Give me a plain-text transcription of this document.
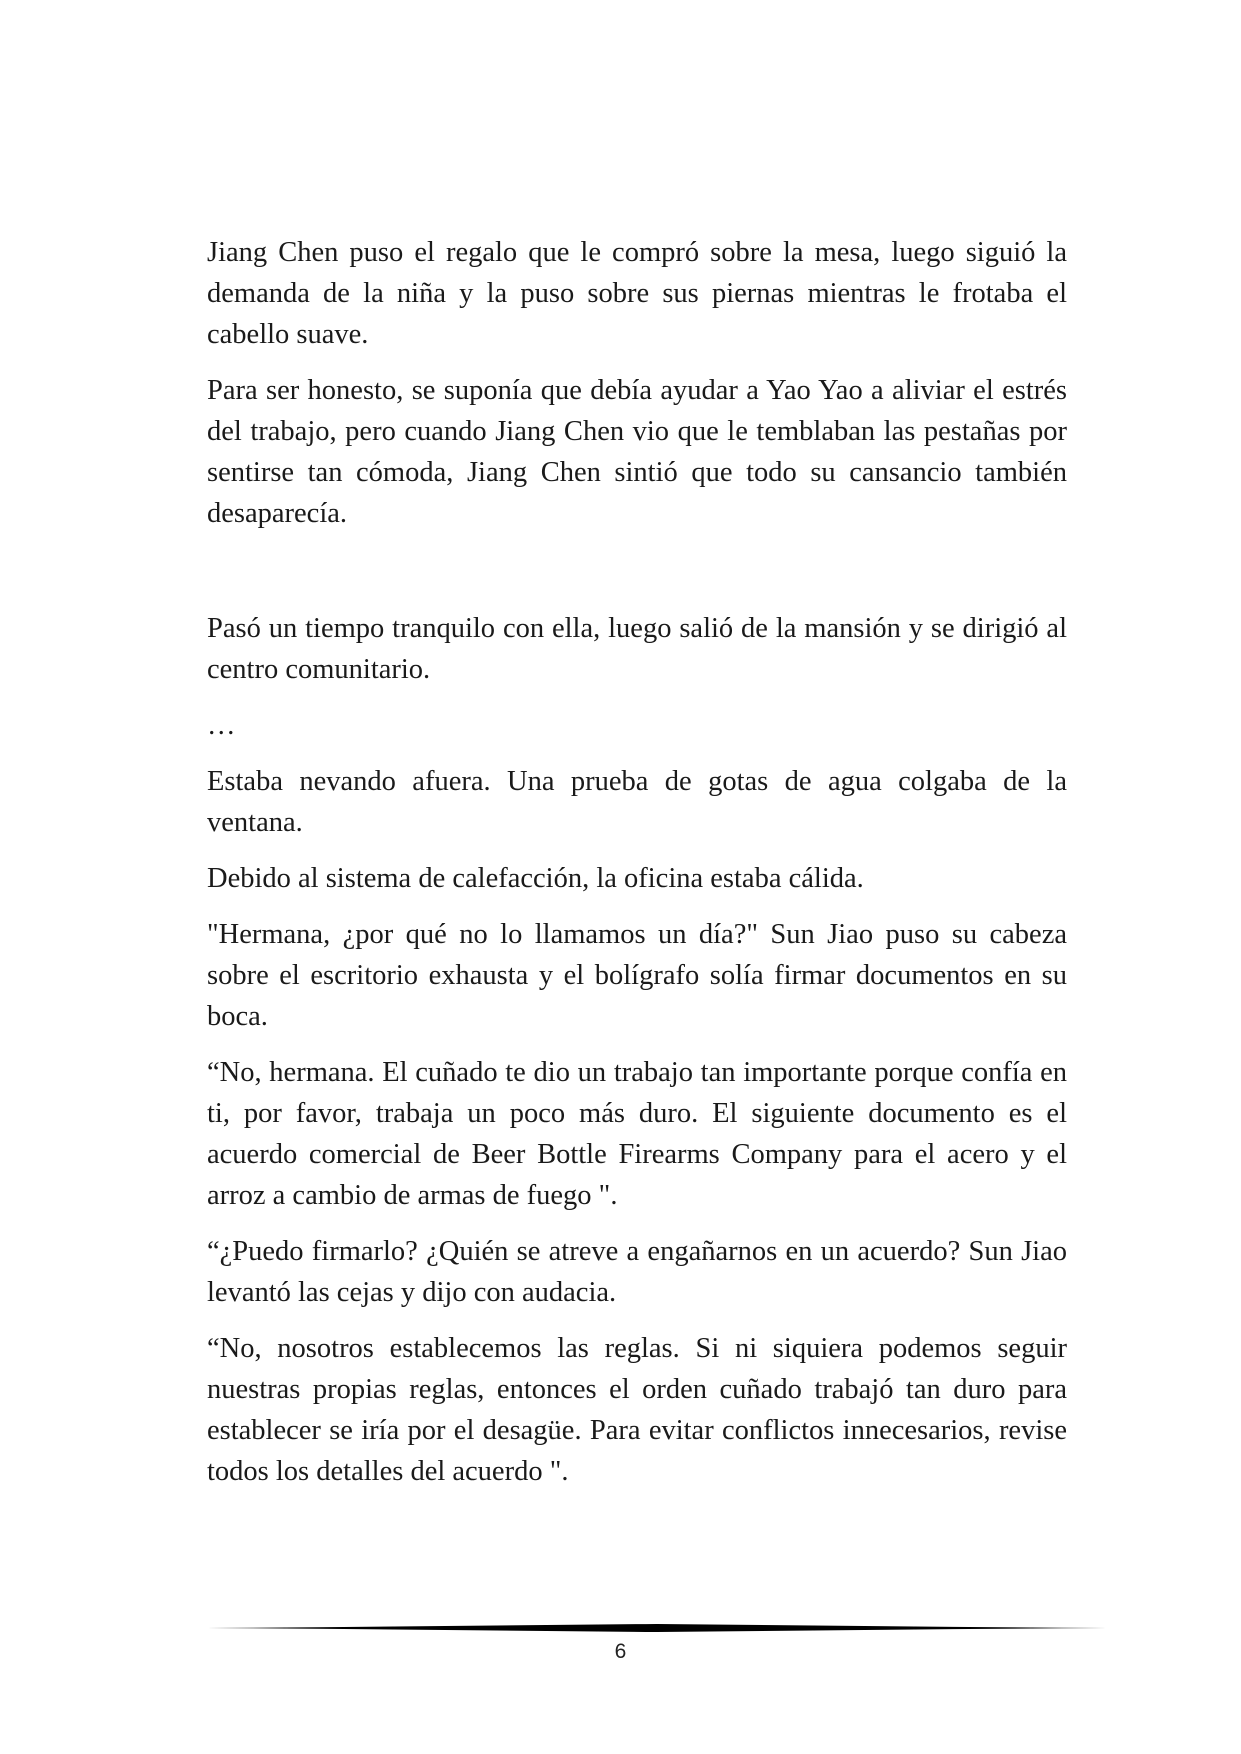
Jiang Chen puso el regalo que le compró sobre la mesa, luego siguió la demanda de la niña y la puso sobre sus piernas mientras le frotaba el cabello suave.

Para ser honesto, se suponía que debía ayudar a Yao Yao a aliviar el estrés del trabajo, pero cuando Jiang Chen vio que le temblaban las pestañas por sentirse tan cómoda, Jiang Chen sintió que todo su cansancio también desaparecía.

Pasó un tiempo tranquilo con ella, luego salió de la mansión y se dirigió al centro comunitario.

…

Estaba nevando afuera. Una prueba de gotas de agua colgaba de la ventana.

Debido al sistema de calefacción, la oficina estaba cálida.

"Hermana, ¿por qué no lo llamamos un día?" Sun Jiao puso su cabeza sobre el escritorio exhausta y el bolígrafo solía firmar documentos en su boca.

“No, hermana. El cuñado te dio un trabajo tan importante porque confía en ti, por favor, trabaja un poco más duro. El siguiente documento es el acuerdo comercial de Beer Bottle Firearms Company para el acero y el arroz a cambio de armas de fuego ".

“¿Puedo firmarlo? ¿Quién se atreve a engañarnos en un acuerdo? Sun Jiao levantó las cejas y dijo con audacia.

“No, nosotros establecemos las reglas. Si ni siquiera podemos seguir nuestras propias reglas, entonces el orden cuñado trabajó tan duro para establecer se iría por el desagüe. Para evitar conflictos innecesarios, revise todos los detalles del acuerdo ".

6
